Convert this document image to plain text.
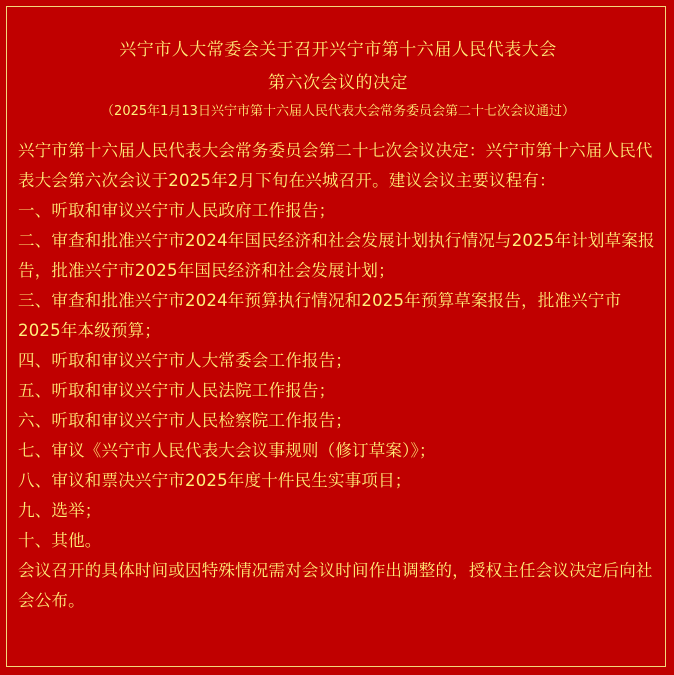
兴宁市人大常委会关于召开兴宁市第十六届人民代表大会
第六次会议的决定
（2025年1月13日兴宁市第十六届人民代表大会常务委员会第二十七次会议通过）

兴宁市第十六届人民代表大会常务委员会第二十七次会议决定：兴宁市第十六届人民代表大会第六次会议于2025年2月下旬在兴城召开。建议会议主要议程有：

一、听取和审议兴宁市人民政府工作报告；

二、审查和批准兴宁市2024年国民经济和社会发展计划执行情况与2025年计划草案报告，批准兴宁市2025年国民经济和社会发展计划；

三、审查和批准兴宁市2024年预算执行情况和2025年预算草案报告，批准兴宁市2025年本级预算；

四、听取和审议兴宁市人大常委会工作报告；

五、听取和审议兴宁市人民法院工作报告；

六、听取和审议兴宁市人民检察院工作报告；

七、审议《兴宁市人民代表大会议事规则（修订草案）》；

八、审议和票决兴宁市2025年度十件民生实事项目；

九、选举；

十、其他。

会议召开的具体时间或因特殊情况需对会议时间作出调整的，授权主任会议决定后向社会公布。
